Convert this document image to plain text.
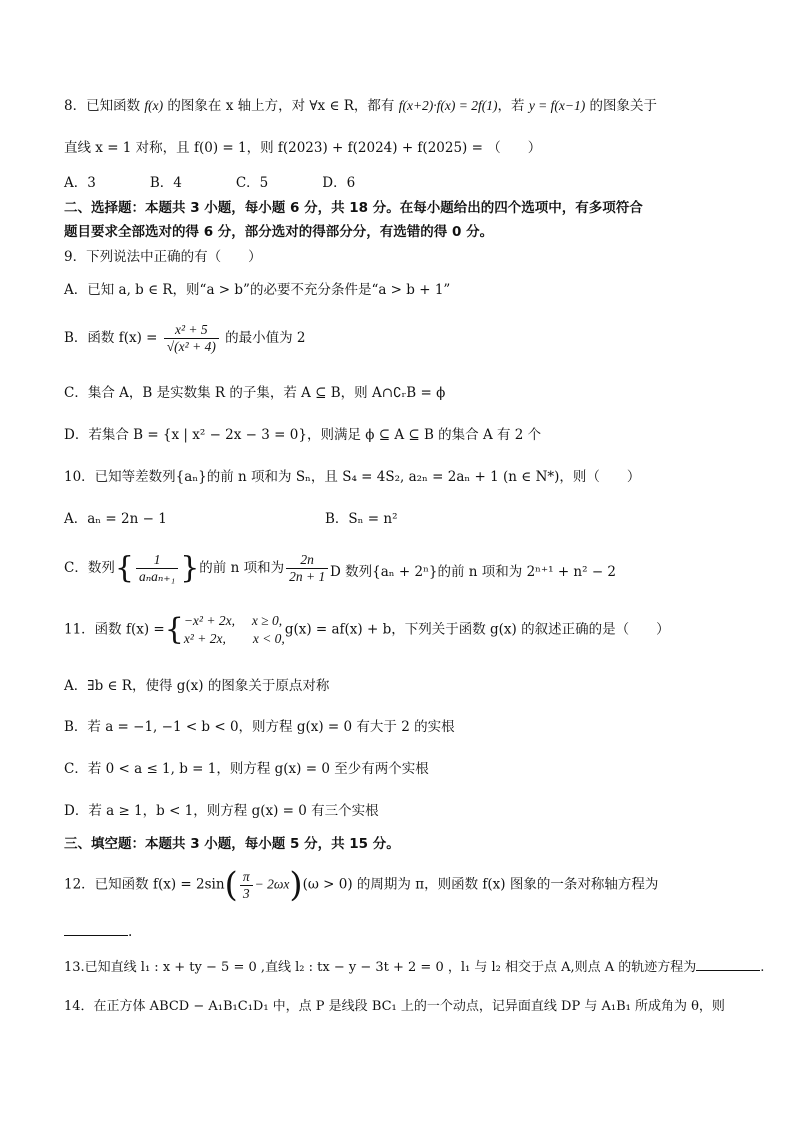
8．已知函数 f(x) 的图象在 x 轴上方，对 ∀x ∈ R，都有 f(x+2)·f(x) = 2f(1)，若 y = f(x−1) 的图象关于
直线 x = 1 对称，且 f(0) = 1，则 f(2023) + f(2024) + f(2025) = （　　）
A．3　　　　B．4　　　　C．5　　　　D．6
二、选择题：本题共 3 小题，每小题 6 分，共 18 分。在每小题给出的四个选项中，有多项符合
题目要求全部选对的得 6 分，部分选对的得部分分，有选错的得 0 分。
9．下列说法中正确的有（　　）
A．已知 a, b ∈ R，则“a > b”的必要不充分条件是“a > b + 1”
B．函数 $f(x) = \frac{\text{x² + 5}}{\text{√(x² + 4)}}$ 的最小值为 2
C．集合 A，B 是实数集 R 的子集，若 A ⊆ B，则 A∩∁ᵣB = ϕ
D．若集合 B = {x | x² − 2x − 3 = 0}，则满足 ϕ ⊆ A ⊆ B 的集合 A 有 2 个
10．已知等差数列{aₙ}的前 n 项和为 Sₙ，且 S₄ = 4S₂, a₂ₙ = 2aₙ + 1 (n ∈ N*)，则（　　）
A．aₙ = 2n − 1	B．Sₙ = n²
C．数列{ $\frac{1}{\text{aₙaₙ₊₁}}$ }的前 n 项和为 $\frac{2n}{2n + 1}$ D 数列{aₙ + 2ⁿ}的前 n 项和为 2ⁿ⁺¹ + n² − 2
11．函数 f(x) ={ −x² + 2x,　 x ≥ 0,
x² + 2x,　　x < 0,
g(x) = af(x) + b，下列关于函数 g(x) 的叙述正确的是（　　）
A．∃b ∈ R，使得 g(x) 的图象关于原点对称
B．若 a = −1, −1 < b < 0，则方程 g(x) = 0 有大于 2 的实根
C．若 0 < a ≤ 1, b = 1，则方程 g(x) = 0 至少有两个实根
D．若 a ≥ 1，b < 1，则方程 g(x) = 0 有三个实根
三、填空题：本题共 3 小题，每小题 5 分，共 15 分。
12．已知函数 $f(x) = 2\sin( \frac{\pi}{3} - 2\omega x)(\omega > 0)$ 的周期为 π，则函数 f(x) 图象的一条对称轴方程为
.
13.已知直线 l₁ : x + ty − 5 = 0 ,直线 l₂ : tx − y − 3t + 2 = 0 ，l₁ 与 l₂ 相交于点 A,则点 A 的轨迹方程为	.
14．在正方体 ABCD − A₁B₁C₁D₁ 中，点 P 是线段 BC₁ 上的一个动点，记异面直线 DP 与 A₁B₁ 所成角为 θ，则
